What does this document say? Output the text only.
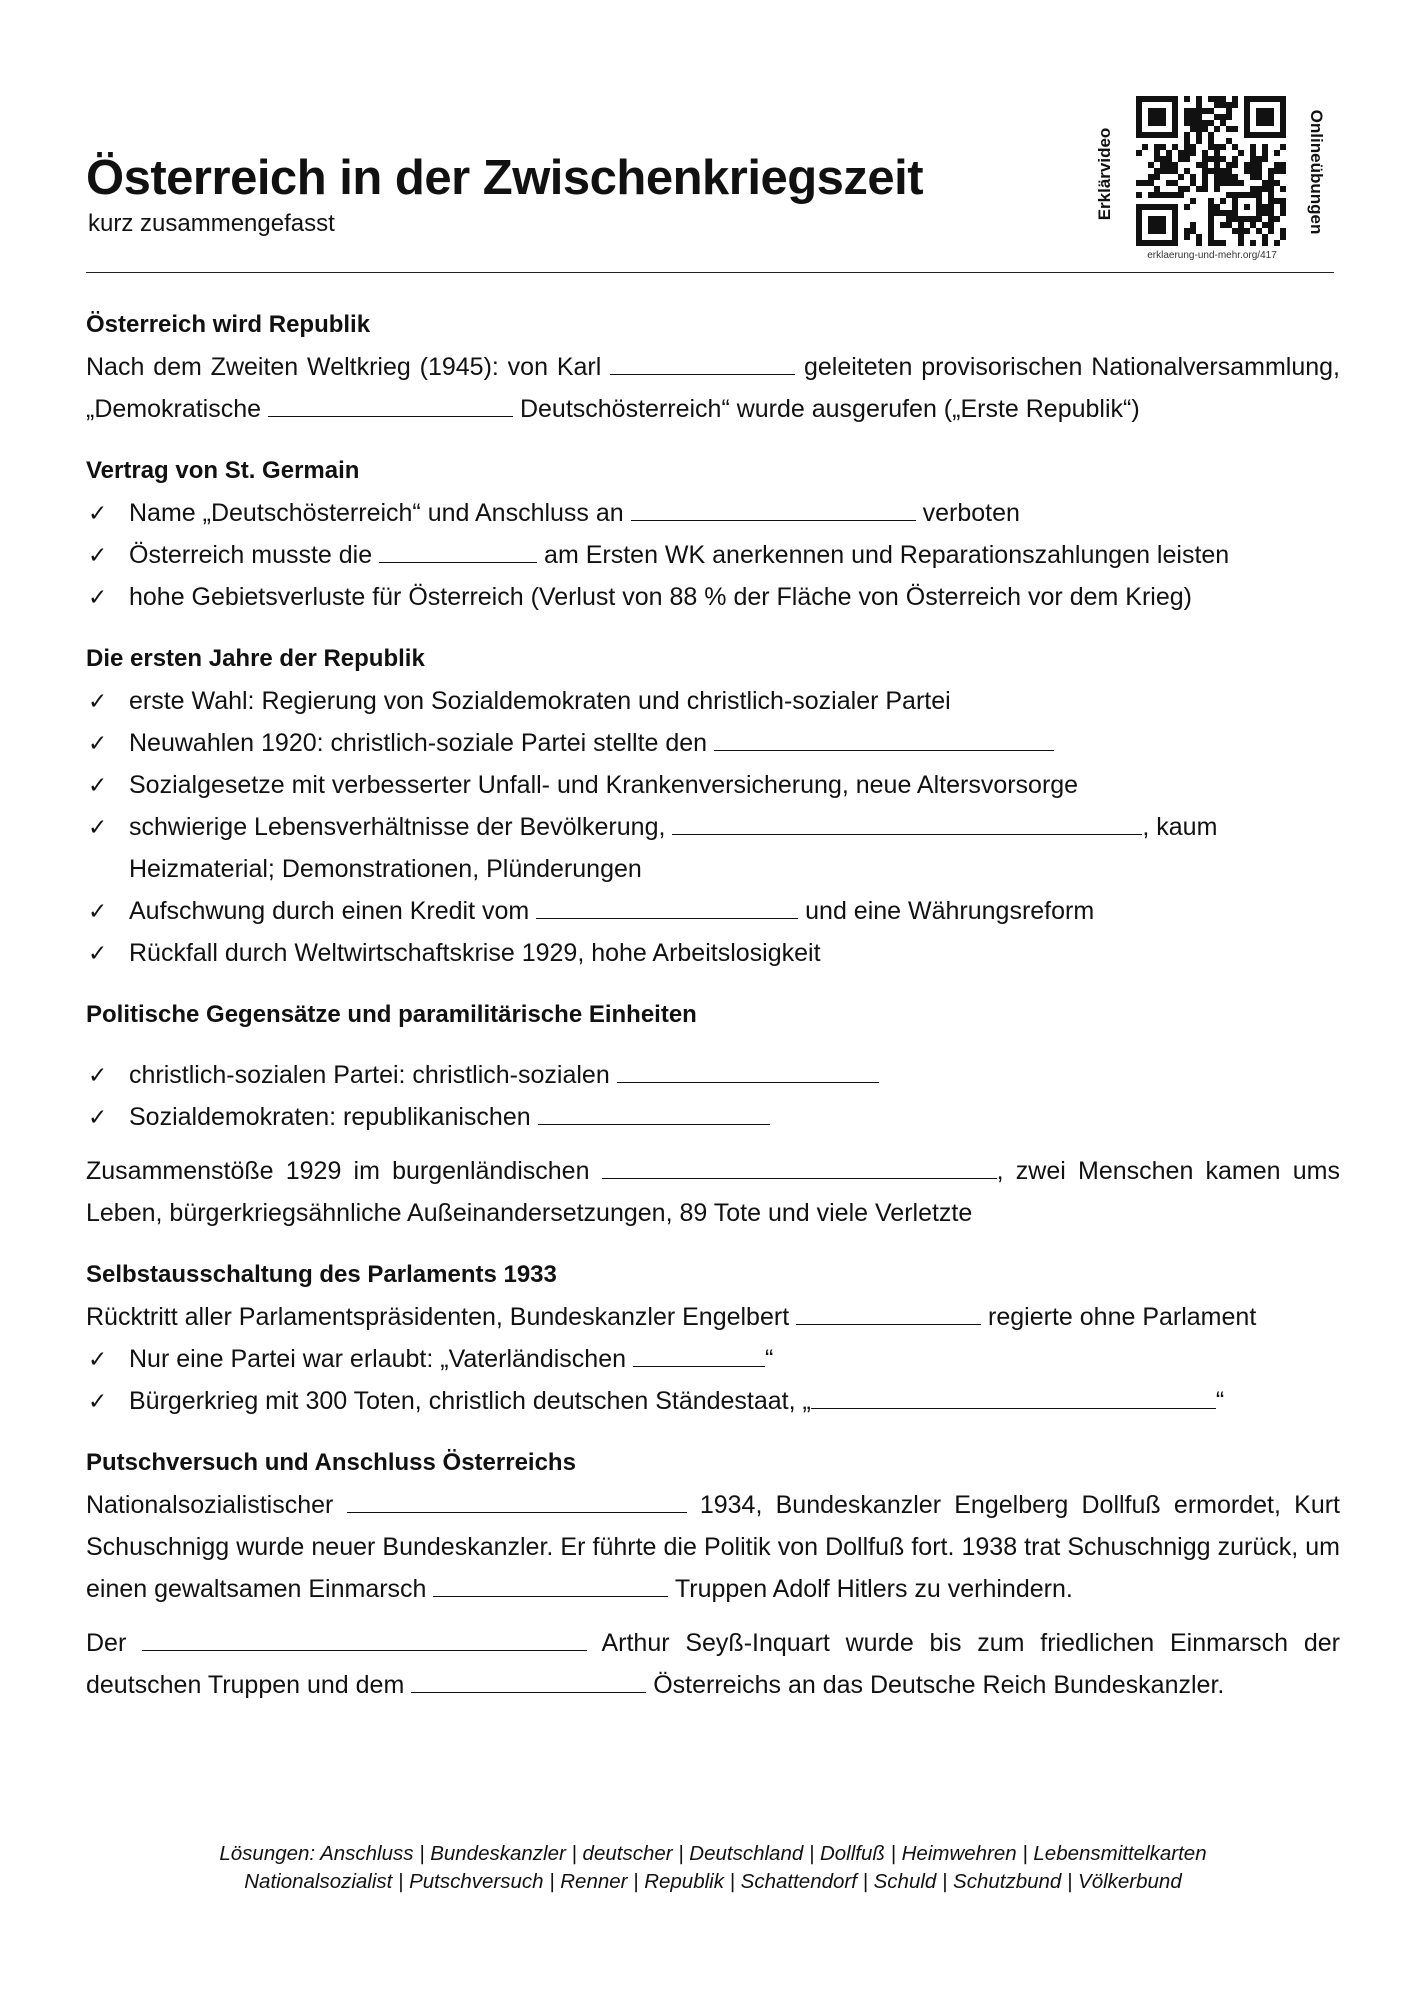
Österreich in der Zwischenkriegszeit
kurz zusammengefasst
Erklärvideo	Onlineübungen
erklaerung-und-mehr.org/417
Österreich wird Republik

Nach dem Zweiten Weltkrieg (1945): von Karl	geleiteten provisorischen Nationalversammlung, „Demokratische	Deutschösterreich“ wurde ausgerufen („Erste Republik“)

Vertrag von St. Germain
✓ Name „Deutschösterreich“ und Anschluss an	verboten
✓ Österreich musste die	am Ersten WK anerkennen und Reparationszahlungen leisten
✓ hohe Gebietsverluste für Österreich (Verlust von 88 % der Fläche von Österreich vor dem Krieg)
Die ersten Jahre der Republik
✓ erste Wahl: Regierung von Sozialdemokraten und christlich-sozialer Partei
✓ Neuwahlen 1920: christlich-soziale Partei stellte den
✓ Sozialgesetze mit verbesserter Unfall- und Krankenversicherung, neue Altersvorsorge
✓ schwierige Lebensverhältnisse der Bevölkerung,	, kaum Heizmaterial; Demonstrationen, Plünderungen
✓ Aufschwung durch einen Kredit vom	und eine Währungsreform
✓ Rückfall durch Weltwirtschaftskrise 1929, hohe Arbeitslosigkeit
Politische Gegensätze und paramilitärische Einheiten
✓ christlich-sozialen Partei: christlich-sozialen
✓ Sozialdemokraten: republikanischen

Zusammenstöße 1929 im burgenländischen	, zwei Menschen kamen ums Leben, bürgerkriegsähnliche Außeinandersetzungen, 89 Tote und viele Verletzte

Selbstausschaltung des Parlaments 1933

Rücktritt aller Parlamentspräsidenten, Bundeskanzler Engelbert	regierte ohne Parlament

✓ Nur eine Partei war erlaubt: „Vaterländischen	“
✓ Bürgerkrieg mit 300 Toten, christlich deutschen Ständestaat, „	“
Putschversuch und Anschluss Österreichs

Nationalsozialistischer	1934, Bundeskanzler Engelberg Dollfuß ermordet, Kurt Schuschnigg wurde neuer Bundeskanzler. Er führte die Politik von Dollfuß fort. 1938 trat Schuschnigg zurück, um einen gewaltsamen Einmarsch	Truppen Adolf Hitlers zu verhindern.

Der	Arthur Seyß-Inquart wurde bis zum friedlichen Einmarsch der deutschen Truppen und dem	Österreichs an das Deutsche Reich Bundeskanzler.

Lösungen: Anschluss | Bundeskanzler | deutscher | Deutschland | Dollfuß | Heimwehren | Lebensmittelkarten
Nationalsozialist | Putschversuch | Renner | Republik | Schattendorf | Schuld | Schutzbund | Völkerbund
